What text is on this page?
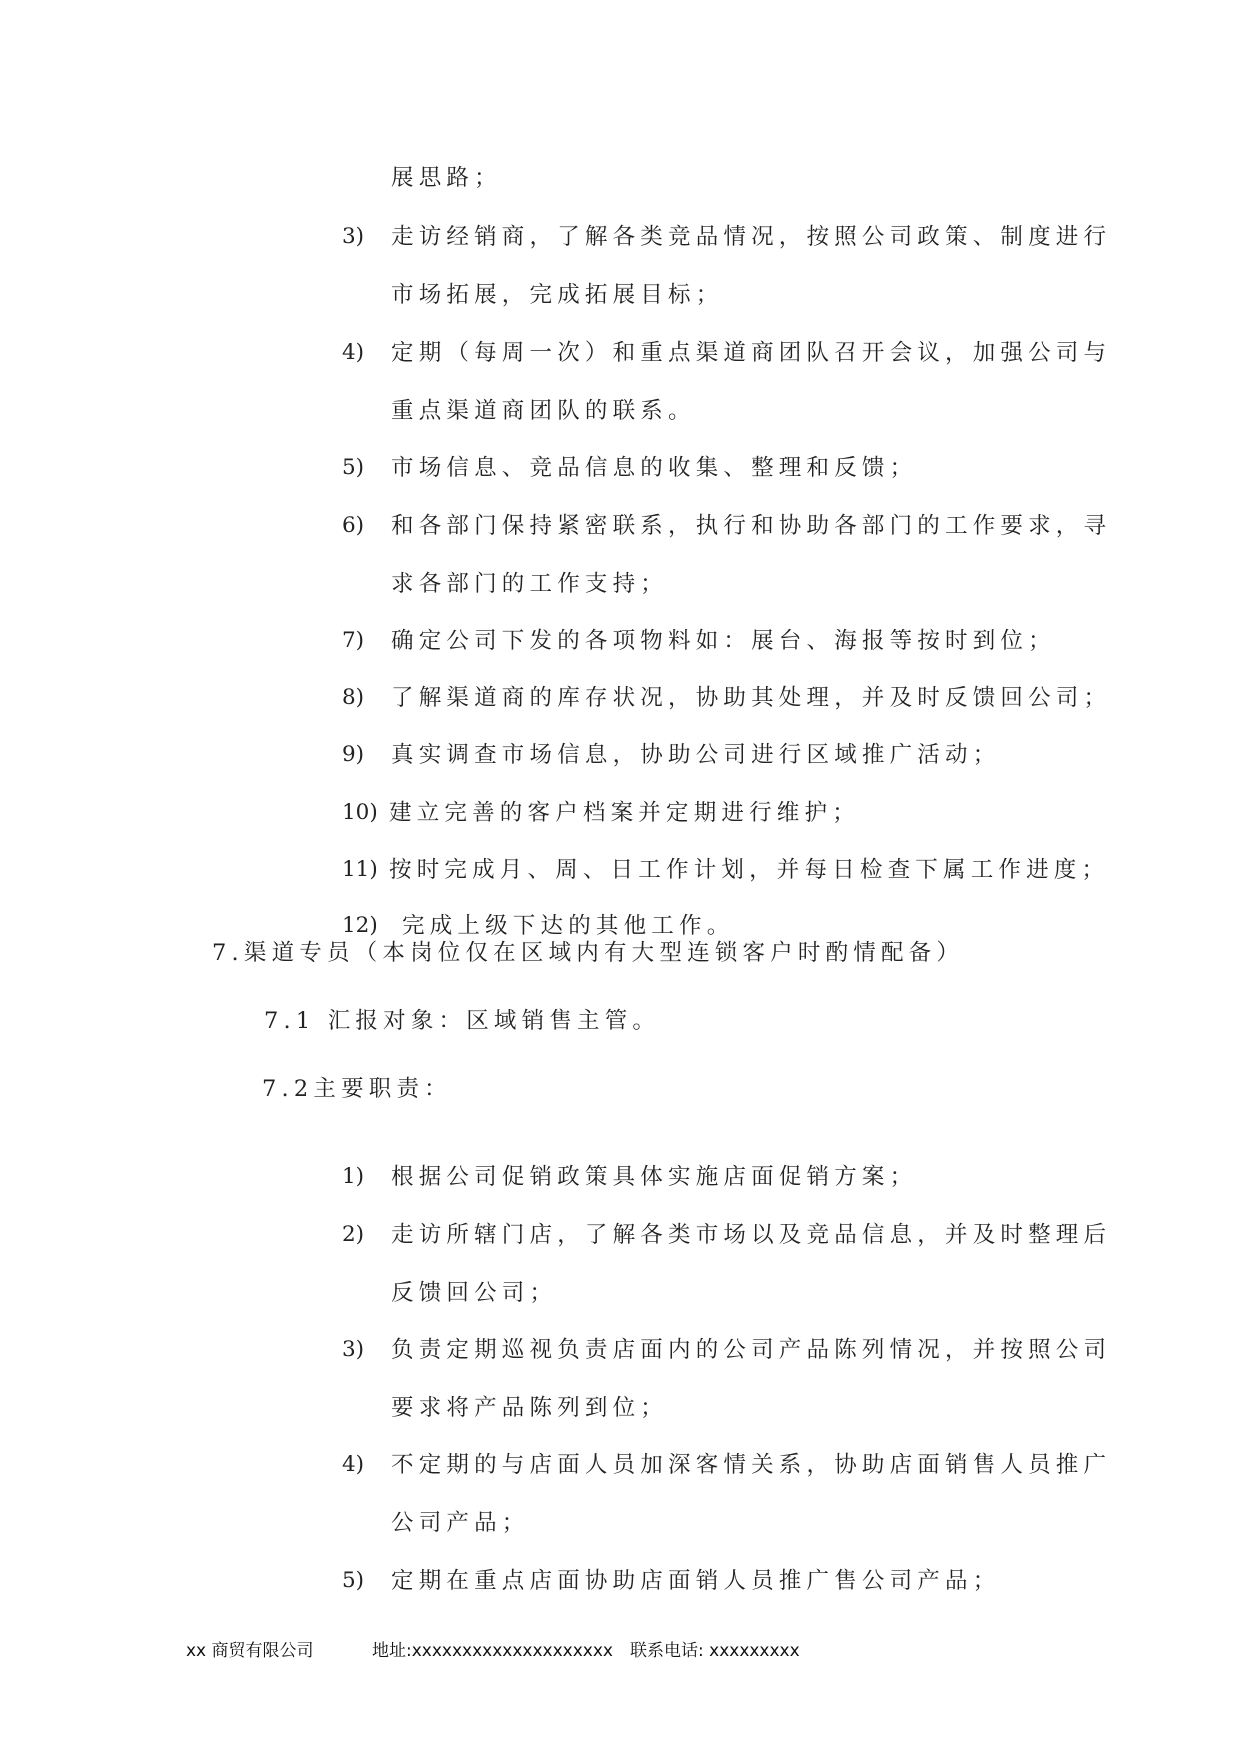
展思路；
3) 走访经销商，了解各类竞品情况，按照公司政策、制度进行
市场拓展，完成拓展目标；
4) 定期（每周一次）和重点渠道商团队召开会议，加强公司与
重点渠道商团队的联系。
5) 市场信息、竞品信息的收集、整理和反馈；
6) 和各部门保持紧密联系，执行和协助各部门的工作要求，寻
求各部门的工作支持；
7) 确定公司下发的各项物料如：展台、海报等按时到位；
8) 了解渠道商的库存状况，协助其处理，并及时反馈回公司；
9) 真实调查市场信息，协助公司进行区域推广活动；
10) 建立完善的客户档案并定期进行维护；
11) 按时完成月、周、日工作计划，并每日检查下属工作进度；
12) 完成上级下达的其他工作。
7.渠道专员（本岗位仅在区域内有大型连锁客户时酌情配备）
7.1 汇报对象：区域销售主管。
7.2主要职责：
1) 根据公司促销政策具体实施店面促销方案；
2) 走访所辖门店，了解各类市场以及竞品信息，并及时整理后
反馈回公司；
3) 负责定期巡视负责店面内的公司产品陈列情况，并按照公司
要求将产品陈列到位；
4) 不定期的与店面人员加深客情关系，协助店面销售人员推广
公司产品；
5) 定期在重点店面协助店面销人员推广售公司产品；
xx 商贸有限公司	地址:xxxxxxxxxxxxxxxxxxxx 联系电话: xxxxxxxxx
